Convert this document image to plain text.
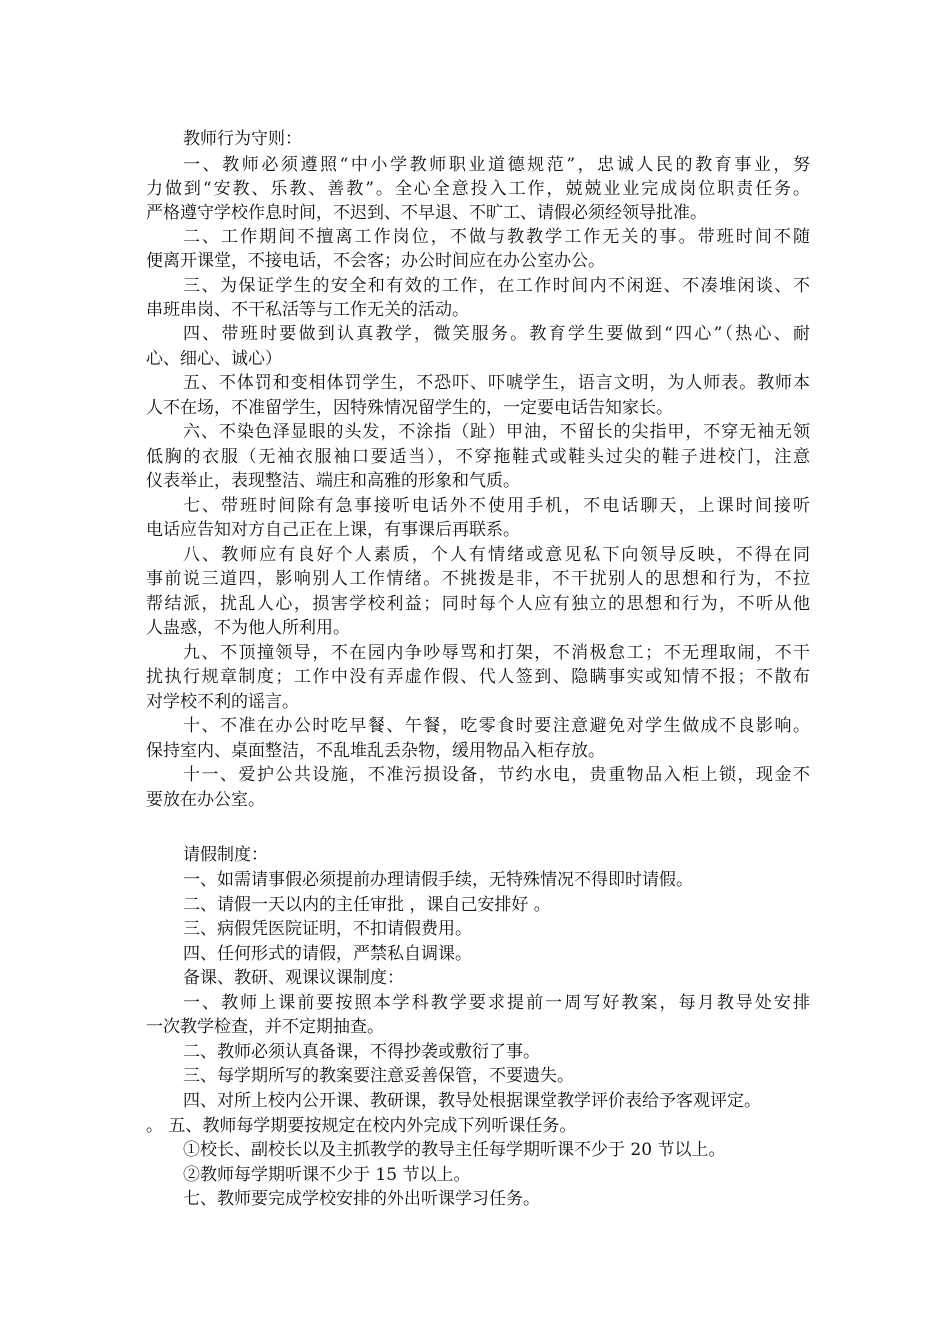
教师行为守则：
一、教师必须遵照“中小学教师职业道德规范”，忠诚人民的教育事业，努
力做到“安教、乐教、善教”。全心全意投入工作，兢兢业业完成岗位职责任务。
严格遵守学校作息时间，不迟到、不早退、不旷工、请假必须经领导批准。
二、工作期间不擅离工作岗位，不做与教教学工作无关的事。带班时间不随
便离开课堂，不接电话，不会客；办公时间应在办公室办公。
三、为保证学生的安全和有效的工作，在工作时间内不闲逛、不凑堆闲谈、不
串班串岗、不干私活等与工作无关的活动。
四、带班时要做到认真教学，微笑服务。教育学生要做到“四心”（热心、耐
心、细心、诚心）
五、不体罚和变相体罚学生，不恐吓、吓唬学生，语言文明，为人师表。教师本
人不在场，不准留学生，因特殊情况留学生的，一定要电话告知家长。
六、不染色泽显眼的头发，不涂指（趾）甲油，不留长的尖指甲，不穿无袖无领
低胸的衣服（无袖衣服袖口要适当），不穿拖鞋式或鞋头过尖的鞋子进校门，注意
仪表举止，表现整洁、端庄和高雅的形象和气质。
七、带班时间除有急事接听电话外不使用手机，不电话聊天，上课时间接听
电话应告知对方自己正在上课，有事课后再联系。
八、教师应有良好个人素质，个人有情绪或意见私下向领导反映，不得在同
事前说三道四，影响别人工作情绪。不挑拨是非，不干扰别人的思想和行为，不拉
帮结派，扰乱人心，损害学校利益；同时每个人应有独立的思想和行为，不听从他
人蛊惑，不为他人所利用。
九、不顶撞领导，不在园内争吵辱骂和打架，不消极怠工；不无理取闹，不干
扰执行规章制度；工作中没有弄虚作假、代人签到、隐瞒事实或知情不报；不散布
对学校不利的谣言。
十、不准在办公时吃早餐、午餐，吃零食时要注意避免对学生做成不良影响。
保持室内、桌面整洁，不乱堆乱丢杂物，缓用物品入柜存放。
十一、爱护公共设施，不准污损设备，节约水电，贵重物品入柜上锁，现金不
要放在办公室。
请假制度：
一、如需请事假必须提前办理请假手续，无特殊情况不得即时请假。
二、请假一天以内的主任审批 ，课自己安排好 。
三、病假凭医院证明，不扣请假费用。
四、任何形式的请假，严禁私自调课。
备课、教研、观课议课制度：
一、教师上课前要按照本学科教学要求提前一周写好教案，每月教导处安排
一次教学检查，并不定期抽查。
二、教师必须认真备课，不得抄袭或敷衍了事。
三、每学期所写的教案要注意妥善保管，不要遗失。
四、对所上校内公开课、教研课，教导处根据课堂教学评价表给予客观评定。
。 五、教师每学期要按规定在校内外完成下列听课任务。
①校长、副校长以及主抓教学的教导主任每学期听课不少于 20 节以上。
②教师每学期听课不少于 15 节以上。
七、教师要完成学校安排的外出听课学习任务。
